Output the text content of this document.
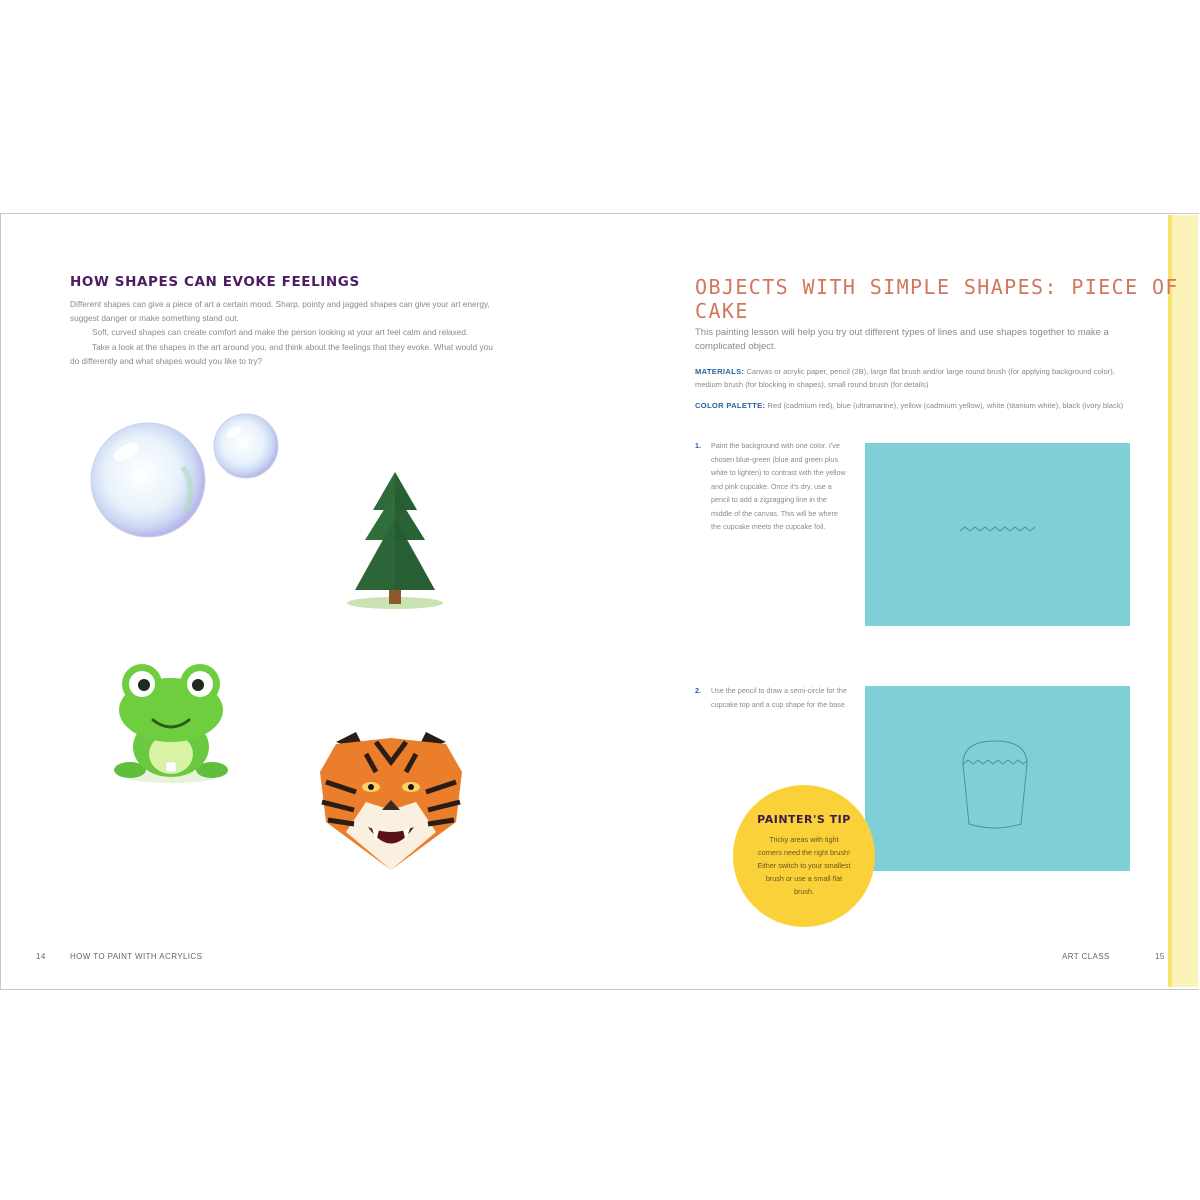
HOW SHAPES CAN EVOKE FEELINGS

Different shapes can give a piece of art a certain mood. Sharp, pointy and jagged shapes can give your art energy, suggest danger or make something stand out.

Soft, curved shapes can create comfort and make the person looking at your art feel calm and relaxed.

Take a look at the shapes in the art around you, and think about the feelings that they evoke. What would you do differently and what shapes would you like to try?

14	HOW TO PAINT WITH ACRYLICS
OBJECTS WITH SIMPLE SHAPES: PIECE OF CAKE
This painting lesson will help you try out different types of lines and use shapes together to make a complicated object.
MATERIALS: Canvas or acrylic paper, pencil (2B), large flat brush and/or large round brush (for applying background color), medium brush (for blocking in shapes), small round brush (for details)
COLOR PALETTE: Red (cadmium red), blue (ultramarine), yellow (cadmium yellow), white (titanium white), black (ivory black)
1. Paint the background with one color. I've chosen blue-green (blue and green plus white to lighten) to contrast with the yellow and pink cupcake. Once it's dry, use a pencil to add a zigzagging line in the middle of the canvas. This will be where the cupcake meets the cupcake foil.
2. Use the pencil to draw a semi-circle for the cupcake top and a cup shape for the base.
PAINTER'S TIP
Tricky areas with tight corners need the right brush! Either switch to your smallest brush or use a small flat brush.
ART CLASS	15
